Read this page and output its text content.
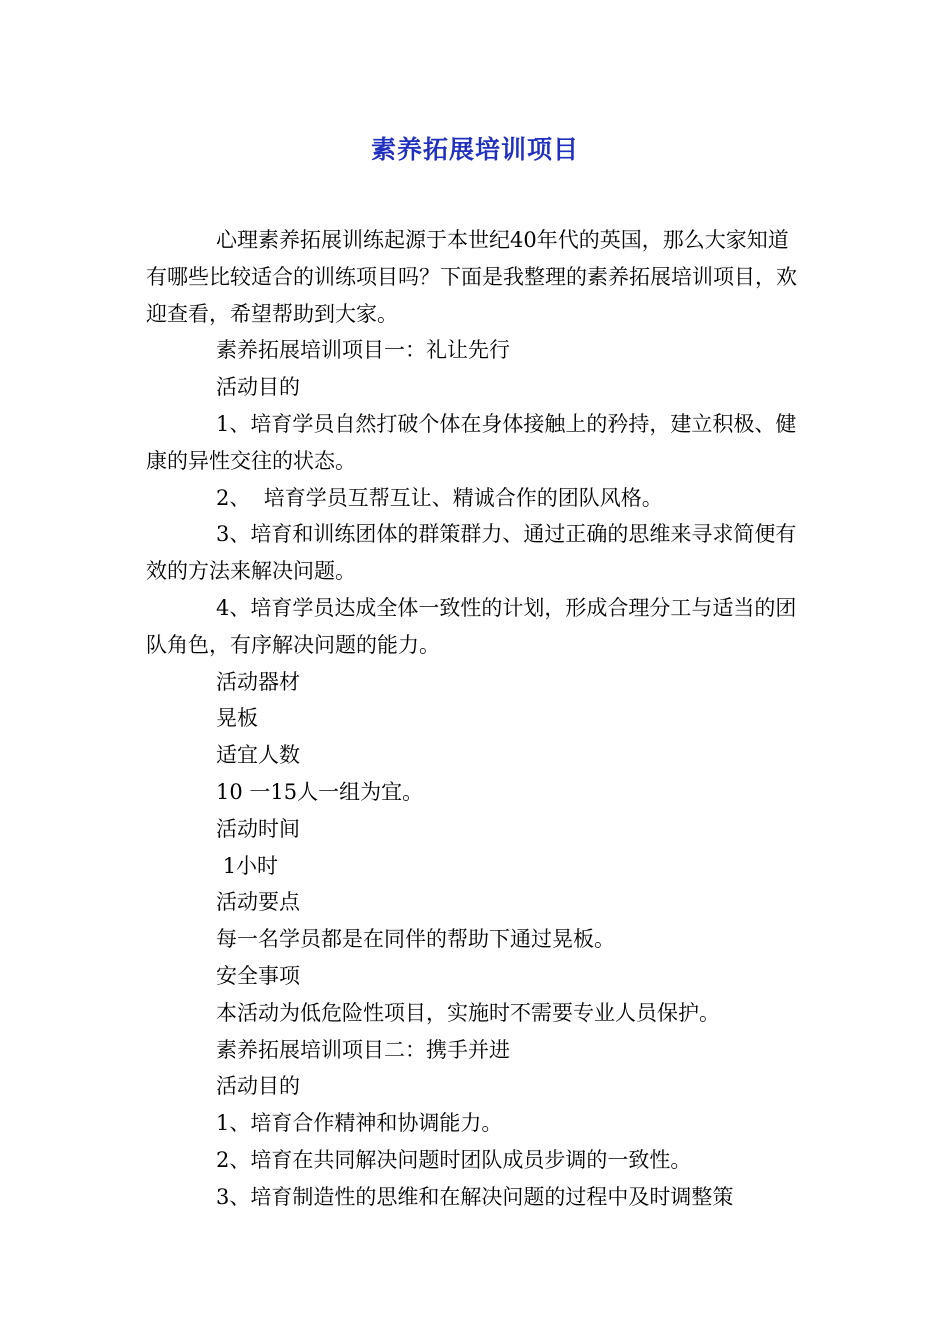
素养拓展培训项目

心理素养拓展训练起源于本世纪40年代的英国，那么大家知道有哪些比较适合的训练项目吗？下面是我整理的素养拓展培训项目，欢迎查看，希望帮助到大家。

素养拓展培训项目一：礼让先行

活动目的

1、培育学员自然打破个体在身体接触上的矜持，建立积极、健康的异性交往的状态。

2、  培育学员互帮互让、精诚合作的团队风格。

3、培育和训练团体的群策群力、通过正确的思维来寻求简便有效的方法来解决问题。

4、培育学员达成全体一致性的计划，形成合理分工与适当的团队角色，有序解决问题的能力。

活动器材

晃板

适宜人数

10 一15人一组为宜。

活动时间

1小时

活动要点

每一名学员都是在同伴的帮助下通过晃板。

安全事项

本活动为低危险性项目，实施时不需要专业人员保护。

素养拓展培训项目二：携手并进

活动目的

1、培育合作精神和协调能力。

2、培育在共同解决问题时团队成员步调的一致性。

3、培育制造性的思维和在解决问题的过程中及时调整策
